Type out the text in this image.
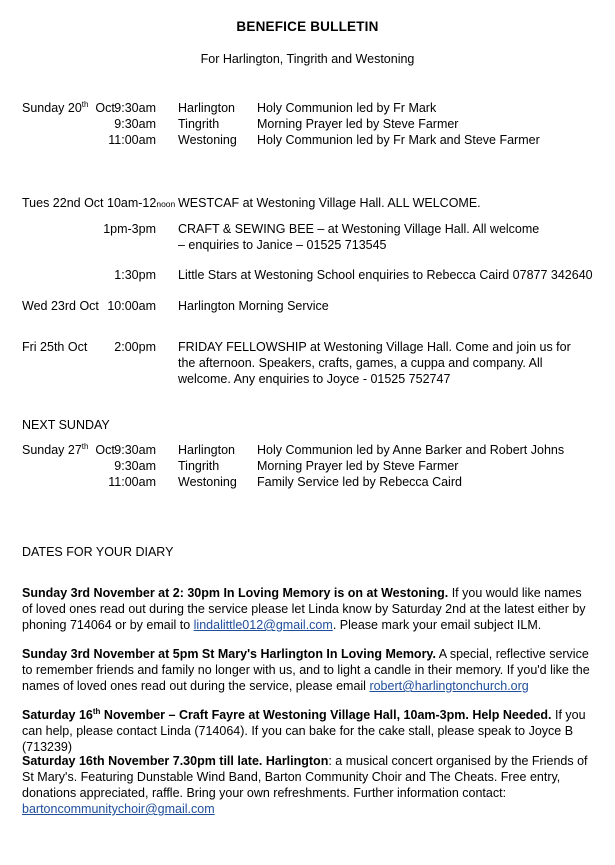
BENEFICE BULLETIN
For Harlington, Tingrith and Westoning
Sunday 20th Oct 9:30am Harlington Holy Communion led by Fr Mark
9:30am Tingrith	Morning Prayer led by Steve Farmer
11:00am Westoning Holy Communion led by Fr Mark and Steve Farmer
Tues 22nd Oct 10am-12noon WESTCAF at Westoning Village Hall. ALL WELCOME.
1pm-3pm CRAFT & SEWING BEE – at Westoning Village Hall. All welcome – enquiries to Janice – 01525 713545
1:30pm Little Stars at Westoning School enquiries to Rebecca Caird 07877 342640
Wed 23rd Oct 10:00am Harlington Morning Service
Fri 25th Oct	2:00pm FRIDAY FELLOWSHIP at Westoning Village Hall. Come and join us for the afternoon. Speakers, crafts, games, a cuppa and company. All welcome. Any enquiries to Joyce - 01525 752747
NEXT SUNDAY
Sunday 27th Oct 9:30am Harlington Holy Communion led by Anne Barker and Robert Johns
9:30am Tingrith	Morning Prayer led by Steve Farmer
11:00am Westoning Family Service led by Rebecca Caird
DATES FOR YOUR DIARY
Sunday 3rd November at 2: 30pm In Loving Memory is on at Westoning. If you would like names of loved ones read out during the service please let Linda know by Saturday 2nd at the latest either by phoning 714064 or by email to lindalittle012@gmail.com. Please mark your email subject ILM.
Sunday 3rd November at 5pm St Mary's Harlington In Loving Memory. A special, reflective service to remember friends and family no longer with us, and to light a candle in their memory. If you'd like the names of loved ones read out during the service, please email robert@harlingtonchurch.org
Saturday 16th November – Craft Fayre at Westoning Village Hall, 10am-3pm. Help Needed. If you can help, please contact Linda (714064). If you can bake for the cake stall, please speak to Joyce B (713239)
Saturday 16th November 7.30pm till late. Harlington: a musical concert organised by the Friends of St Mary's. Featuring Dunstable Wind Band, Barton Community Choir and The Cheats. Free entry, donations appreciated, raffle. Bring your own refreshments. Further information contact: bartoncommunitychoir@gmail.com
